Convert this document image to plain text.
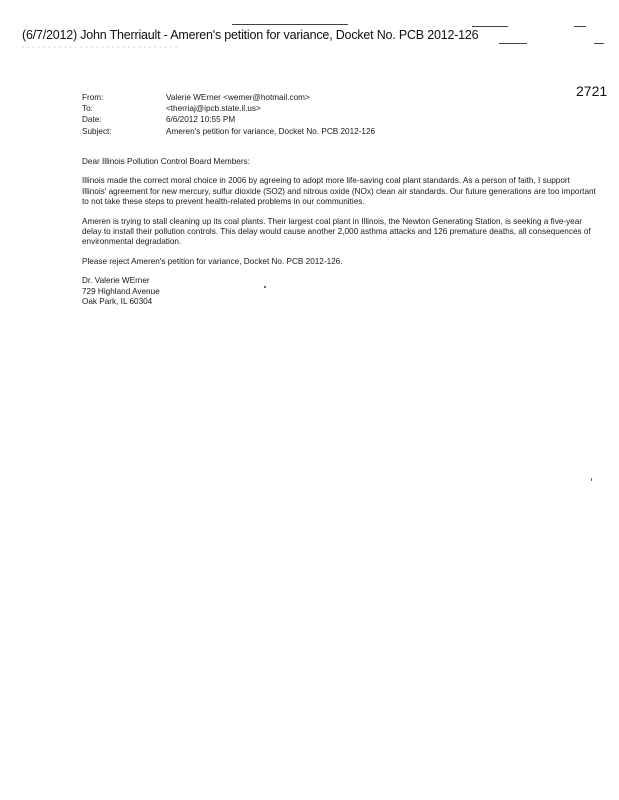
(6/7/2012) John Therriault - Ameren's petition for variance, Docket No. PCB 2012-126
· · · · · · · · · · · · · · · · · · · · · · · · · · · · · ·
2721
From:	Valerie WErner <wemer@hotmail.com>
To:	<therriaj@ipcb.state.il.us>
Date:	6/6/2012 10:55 PM
Subject:	Ameren's petition for variance, Docket No. PCB 2012-126

Dear Illinois Pollution Control Board Members:

Illinois made the correct moral choice in 2006 by agreeing to adopt more life-saving coal plant standards. As a person of faith, I support Illinois' agreement for new mercury, sulfur dioxide (SO2) and nitrous oxide (NOx) clean air standards. Our future generations are too important to not take these steps to prevent health-related problems in our communities.

Ameren is trying to stall cleaning up its coal plants. Their largest coal plant in Illinois, the Newton Generating Station, is seeking a five-year delay to install their pollution controls. This delay would cause another 2,000 asthma attacks and 126 premature deaths, all consequences of environmental degradation.

Please reject Ameren's petition for variance, Docket No. PCB 2012-126.

Dr. Valerie WErner
729 Highland Avenue
Oak Park, IL 60304
